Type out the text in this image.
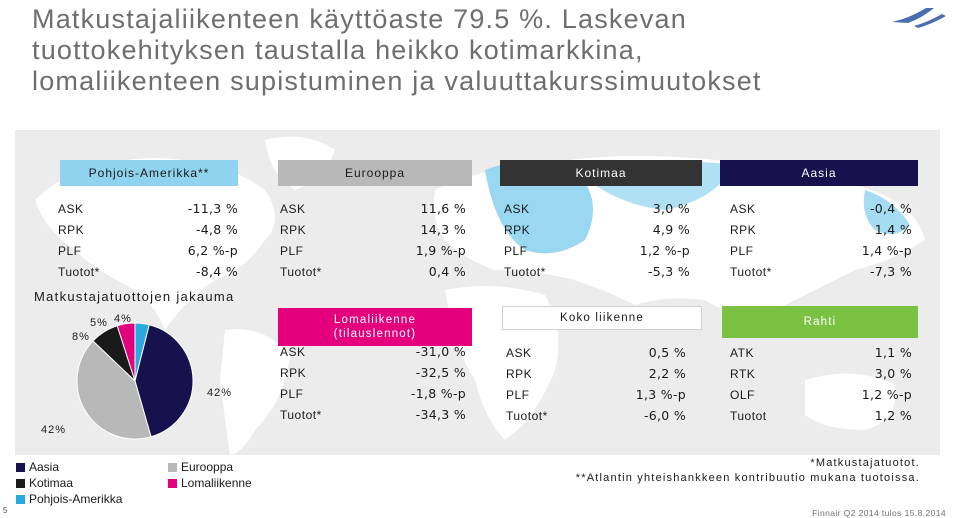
Matkustajaliikenteen käyttöaste 79.5 %. Laskevan
tuottokehityksen taustalla heikko kotimarkkina,
lomaliikenteen supistuminen ja valuuttakurssimuutokset
Pohjois-Amerikka**	Eurooppa	Kotimaa	Aasia
ASK	-11,3 %
RPK	-4,8 %
PLF	6,2 %-p
Tuotot*	-8,4 %
ASK	11,6 %
RPK	14,3 %
PLF	1,9 %-p
Tuotot*	0,4 %
ASK	3,0 %
RPK	4,9 %
PLF	1,2 %-p
Tuotot*	-5,3 %
ASK	-0,4 %
RPK	1,4 %
PLF	1,4 %-p
Tuotot*	-7,3 %
Matkustajatuottojen jakauma
8%
5% 4%
42%
42%
Lomaliikenne
(tilauslennot)
Koko liikenne	Rahti
ASK	-31,0 %
RPK	-32,5 %
PLF	-1,8 %-p
Tuotot*	-34,3 %
ASK	0,5 %
RPK	2,2 %
PLF	1,3 %-p
Tuotot*	-6,0 %
ATK	1,1 %
RTK	3,0 %
OLF	1,2 %-p
Tuotot	1,2 %
Aasia
Kotimaa
Pohjois-Amerikka
Eurooppa
Lomaliikenne
*Matkustajatuotot.
**Atlantin yhteishankkeen kontribuutio mukana tuotoissa.
5	Finnair Q2 2014 tulos 15.8.2014
